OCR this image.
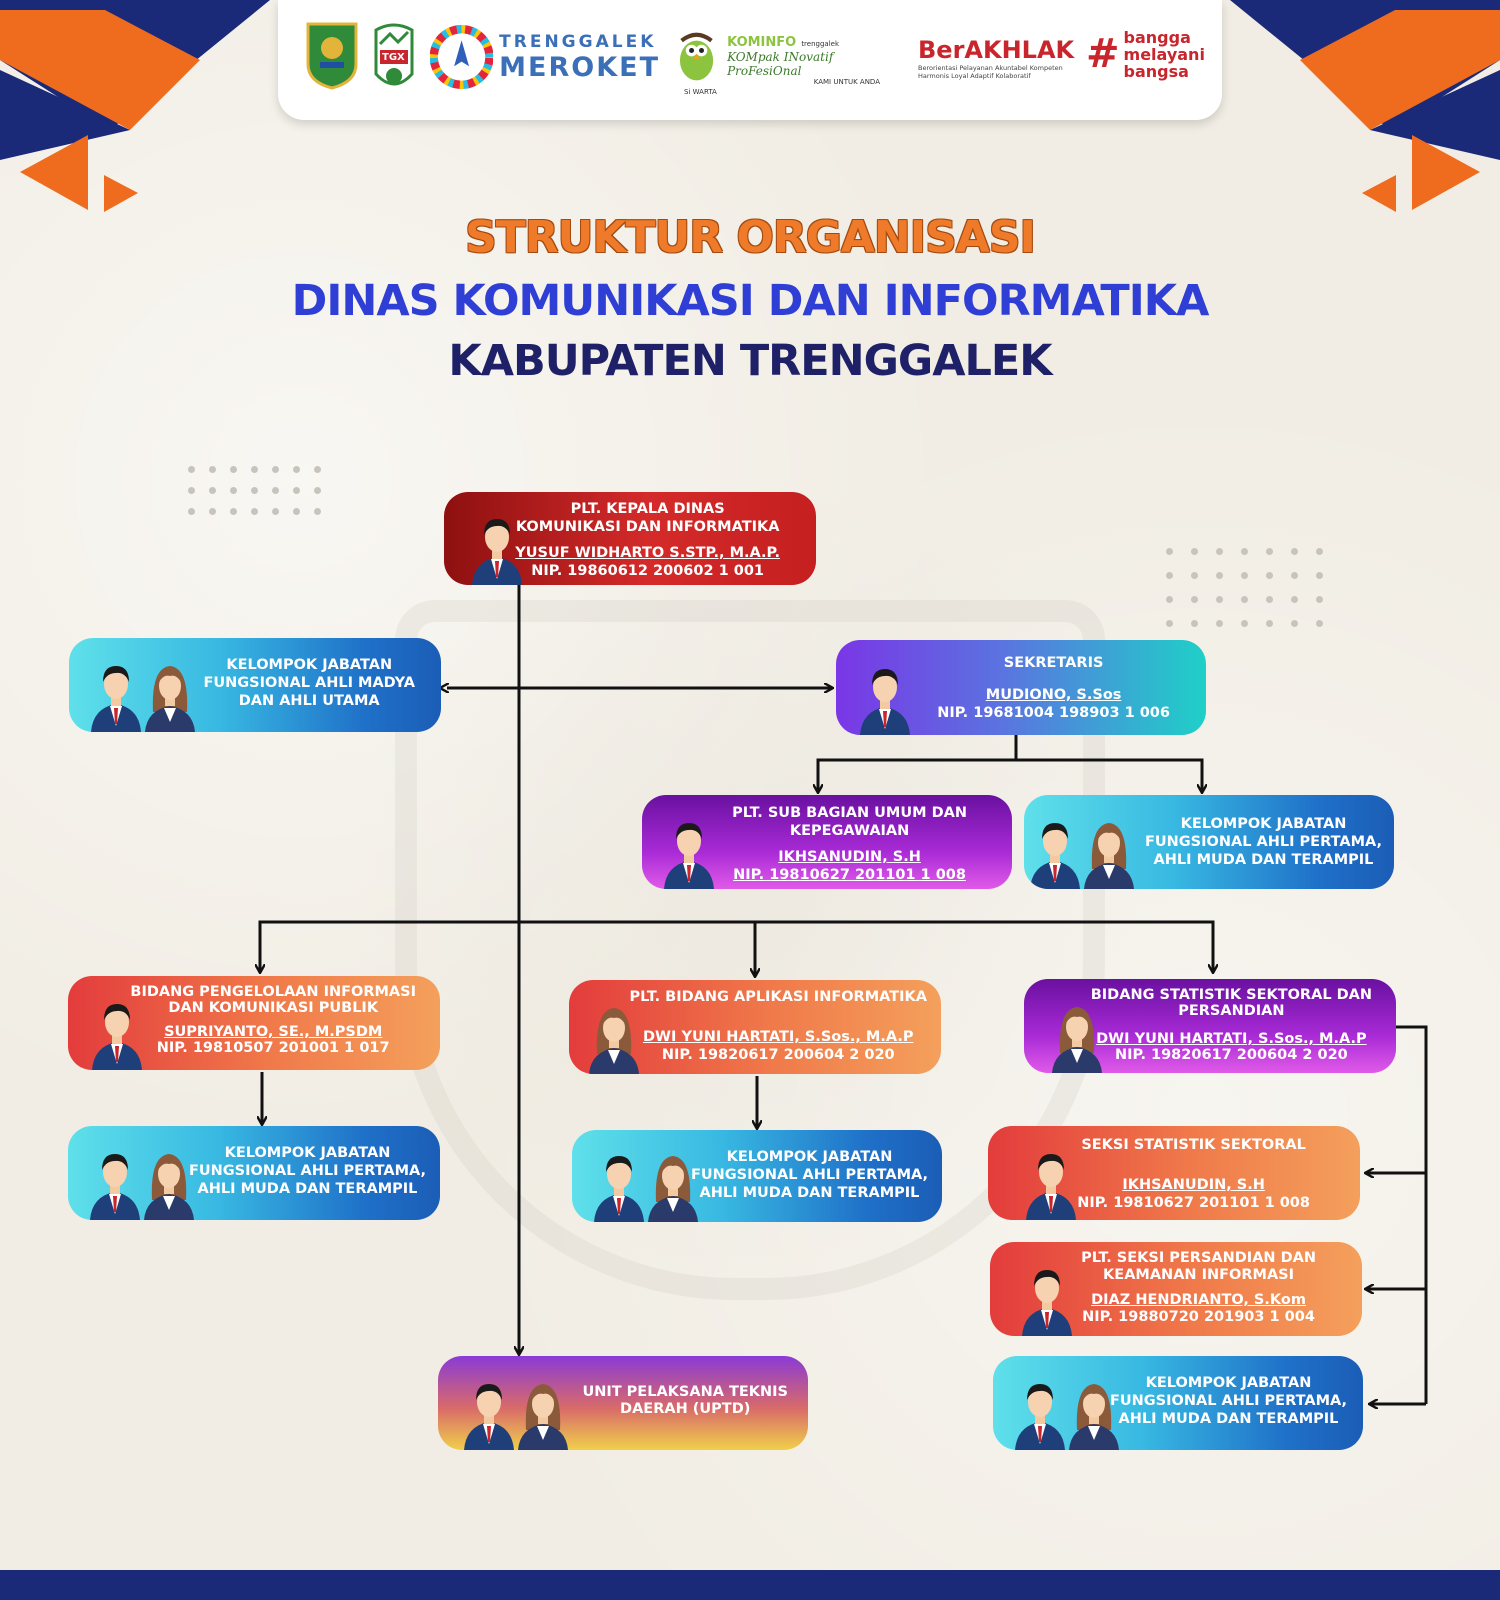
TGX
TRENGGALEK
MEROKET
Si WARTA
KOMINFO trenggalek
KOMpak INovatif ProFesiOnal
KAMI UNTUK ANDA
BerAKHLAK
Berorientasi Pelayanan Akuntabel Kompeten
Harmonis Loyal Adaptif Kolaboratif # bangga
melayani
bangsa
STRUKTUR ORGANISASI
DINAS KOMUNIKASI DAN INFORMATIKA
KABUPATEN TRENGGALEK
PLT. KEPALA DINAS
KOMUNIKASI DAN INFORMATIKA
YUSUF WIDHARTO S.STP., M.A.P.
NIP. 19860612 200602 1 001
KELOMPOK JABATAN
FUNGSIONAL AHLI MADYA
DAN AHLI UTAMA
SEKRETARIS
MUDIONO, S.Sos
NIP. 19681004 198903 1 006
PLT. SUB BAGIAN UMUM DAN
KEPEGAWAIAN
IKHSANUDIN, S.H
NIP. 19810627 201101 1 008
KELOMPOK JABATAN
FUNGSIONAL AHLI PERTAMA,
AHLI MUDA DAN TERAMPIL
BIDANG PENGELOLAAN INFORMASI
DAN KOMUNIKASI PUBLIK
SUPRIYANTO, SE., M.PSDM
NIP. 19810507 201001 1 017
PLT. BIDANG APLIKASI INFORMATIKA
DWI YUNI HARTATI, S.Sos., M.A.P
NIP. 19820617 200604 2 020
BIDANG STATISTIK SEKTORAL DAN
PERSANDIAN
DWI YUNI HARTATI, S.Sos., M.A.P
NIP. 19820617 200604 2 020
KELOMPOK JABATAN
FUNGSIONAL AHLI PERTAMA,
AHLI MUDA DAN TERAMPIL
KELOMPOK JABATAN
FUNGSIONAL AHLI PERTAMA,
AHLI MUDA DAN TERAMPIL
SEKSI STATISTIK SEKTORAL
IKHSANUDIN, S.H
NIP. 19810627 201101 1 008
PLT. SEKSI PERSANDIAN DAN
KEAMANAN INFORMASI
DIAZ HENDRIANTO, S.Kom
NIP. 19880720 201903 1 004
KELOMPOK JABATAN
FUNGSIONAL AHLI PERTAMA,
AHLI MUDA DAN TERAMPIL
UNIT PELAKSANA TEKNIS
DAERAH (UPTD)
